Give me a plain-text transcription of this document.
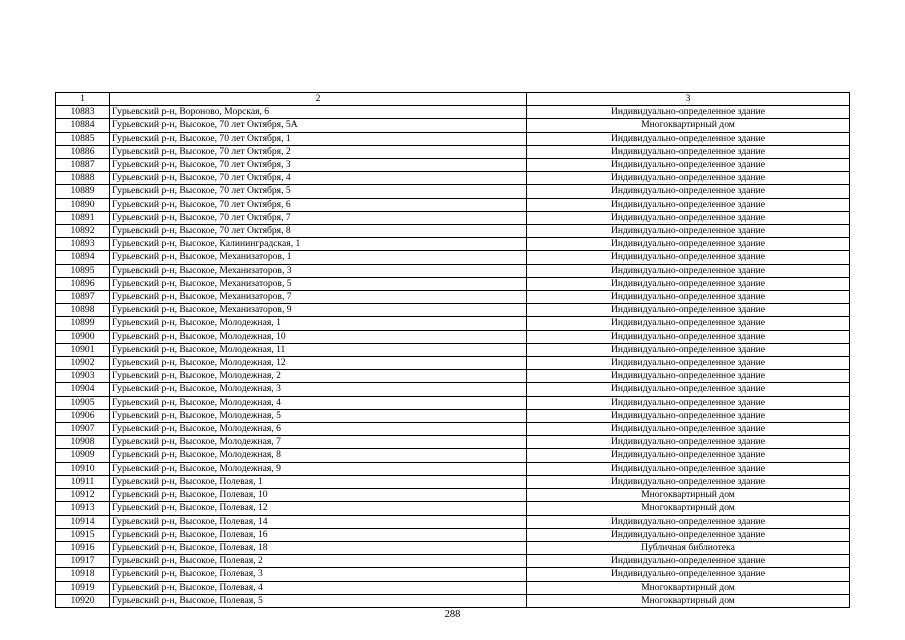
1	2	3
10883	Гурьевский р-н, Вороново, Морская, 6	Индивидуально-определенное здание
10884	Гурьевский р-н, Высокое, 70 лет Октября, 5А	Многоквартирный дом
10885	Гурьевский р-н, Высокое, 70 лет Октября, 1	Индивидуально-определенное здание
10886	Гурьевский р-н, Высокое, 70 лет Октября, 2	Индивидуально-определенное здание
10887	Гурьевский р-н, Высокое, 70 лет Октября, 3	Индивидуально-определенное здание
10888	Гурьевский р-н, Высокое, 70 лет Октября, 4	Индивидуально-определенное здание
10889	Гурьевский р-н, Высокое, 70 лет Октября, 5	Индивидуально-определенное здание
10890	Гурьевский р-н, Высокое, 70 лет Октября, 6	Индивидуально-определенное здание
10891	Гурьевский р-н, Высокое, 70 лет Октября, 7	Индивидуально-определенное здание
10892	Гурьевский р-н, Высокое, 70 лет Октября, 8	Индивидуально-определенное здание
10893	Гурьевский р-н, Высокое, Калининградская, 1	Индивидуально-определенное здание
10894	Гурьевский р-н, Высокое, Механизаторов, 1	Индивидуально-определенное здание
10895	Гурьевский р-н, Высокое, Механизаторов, 3	Индивидуально-определенное здание
10896	Гурьевский р-н, Высокое, Механизаторов, 5	Индивидуально-определенное здание
10897	Гурьевский р-н, Высокое, Механизаторов, 7	Индивидуально-определенное здание
10898	Гурьевский р-н, Высокое, Механизаторов, 9	Индивидуально-определенное здание
10899	Гурьевский р-н, Высокое, Молодежная, 1	Индивидуально-определенное здание
10900	Гурьевский р-н, Высокое, Молодежная, 10	Индивидуально-определенное здание
10901	Гурьевский р-н, Высокое, Молодежная, 11	Индивидуально-определенное здание
10902	Гурьевский р-н, Высокое, Молодежная, 12	Индивидуально-определенное здание
10903	Гурьевский р-н, Высокое, Молодежная, 2	Индивидуально-определенное здание
10904	Гурьевский р-н, Высокое, Молодежная, 3	Индивидуально-определенное здание
10905	Гурьевский р-н, Высокое, Молодежная, 4	Индивидуально-определенное здание
10906	Гурьевский р-н, Высокое, Молодежная, 5	Индивидуально-определенное здание
10907	Гурьевский р-н, Высокое, Молодежная, 6	Индивидуально-определенное здание
10908	Гурьевский р-н, Высокое, Молодежная, 7	Индивидуально-определенное здание
10909	Гурьевский р-н, Высокое, Молодежная, 8	Индивидуально-определенное здание
10910	Гурьевский р-н, Высокое, Молодежная, 9	Индивидуально-определенное здание
10911	Гурьевский р-н, Высокое, Полевая, 1	Индивидуально-определенное здание
10912	Гурьевский р-н, Высокое, Полевая, 10	Многоквартирный дом
10913	Гурьевский р-н, Высокое, Полевая, 12	Многоквартирный дом
10914	Гурьевский р-н, Высокое, Полевая, 14	Индивидуально-определенное здание
10915	Гурьевский р-н, Высокое, Полевая, 16	Индивидуально-определенное здание
10916	Гурьевский р-н, Высокое, Полевая, 18	Публичная библиотека
10917	Гурьевский р-н, Высокое, Полевая, 2	Индивидуально-определенное здание
10918	Гурьевский р-н, Высокое, Полевая, 3	Индивидуально-определенное здание
10919	Гурьевский р-н, Высокое, Полевая, 4	Многоквартирный дом
10920	Гурьевский р-н, Высокое, Полевая, 5	Многоквартирный дом
288
